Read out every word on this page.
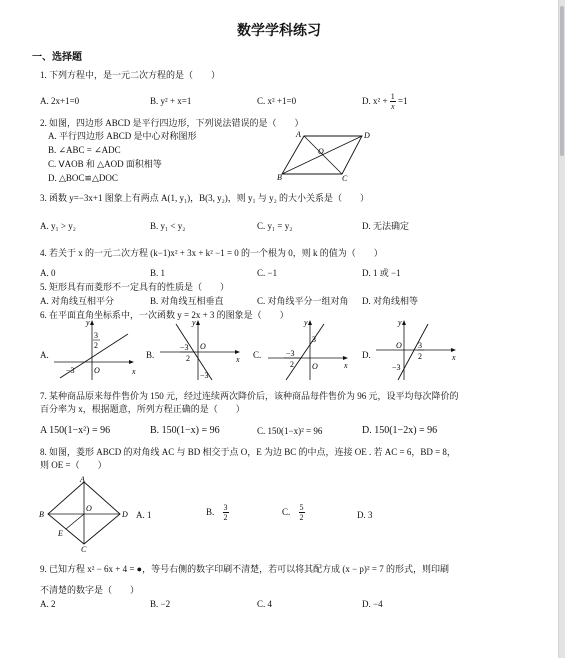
数学学科练习
一、选择题
1. 下列方程中，是一元二次方程的是（　　）
A. 2x+1=0	B. y² + x=1	C. x² +1=0	D. $x^2 + \frac{1}{x} =1$
2. 如图，四边形 ABCD 是平行四边形，下列说法错误的是（　　）
A. 平行四边形 ABCD 是中心对称图形
B. ∠ABC = ∠ADC
C. 𝖵AOB 和 △AOD 面积相等
D. △BOC≌△DOC
A	D
B	C
O
3. 函数 y=−3x+1 图象上有两点 A(1, y₁)，B(3, y₂)，则 y₁ 与 y₂ 的大小关系是（　　）
A. y₁ > y₂	B. y₁ < y₂	C. y₁ = y₂	D. 无法确定
4. 若关于 x 的一元二次方程 (k−1)x² + 3x + k² −1 = 0 的一个根为 0，则 k 的值为（　　）
A. 0	B. 1	C. −1	D. 1 或 −1
5. 矩形具有而菱形不一定具有的性质是（　　）
A. 对角线互相平分	B. 对角线互相垂直	C. 对角线平分一组对角 D. 对角线相等
6. 在平面直角坐标系中，一次函数 y = 2x + 3 的图象是（　　）
A.	B.	C.	D.
y
x
O
3
2
−3
y
x
O
−3
2
−3
y
x
O
3
−3
2
y
x
O 3
2
−3
7. 某种商品原来每件售价为 150 元，经过连续两次降价后，该种商品每件售价为 96 元，设平均每次降价的
百分率为 x，根据题意，所列方程正确的是（　　）
A 150(1−x²) = 96	B. 150(1−x) = 96	C. 150(1−x)² = 96	D. 150(1−2x) = 96
8. 如图，菱形 ABCD 的对角线 AC 与 BD 相交于点 O，E 为边 BC 的中点，连接 OE . 若 AC = 6，BD = 8，
则 OE =（　　）
A
B	D
C
O
E
A. 1	B. $\frac{3}{2}$	C. $\frac{5}{2}$	D. 3
9. 已知方程 x² − 6x + 4 = ●，等号右侧的数字印刷不清楚，若可以将其配方成 (x − p)² = 7 的形式，则印刷
不清楚的数字是（　　）
A. 2	B. −2	C. 4	D. −4
